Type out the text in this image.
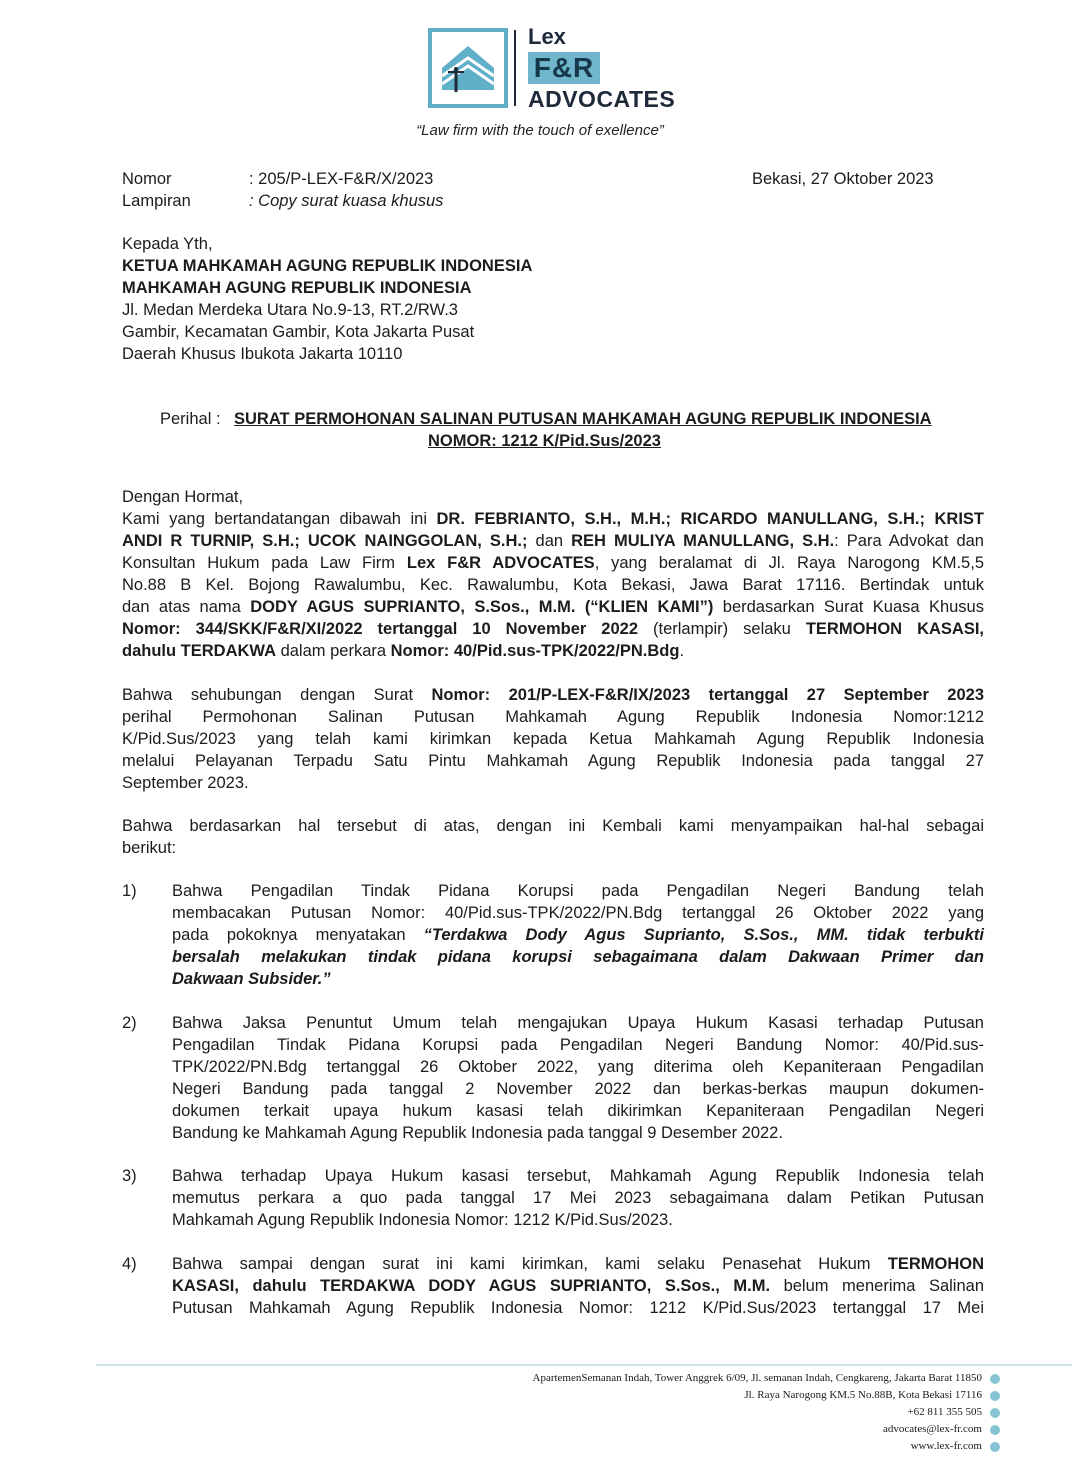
Lex
F&R
ADVOCATES
“Law firm with the touch of exellence”
Nomor	: 205/P-LEX-F&R/X/2023
Lampiran	: Copy surat kuasa khusus
Bekasi, 27 Oktober 2023
Kepada Yth,
KETUA MAHKAMAH AGUNG REPUBLIK INDONESIA
MAHKAMAH AGUNG REPUBLIK INDONESIA
Jl. Medan Merdeka Utara No.9-13, RT.2/RW.3
Gambir, Kecamatan Gambir, Kota Jakarta Pusat
Daerah Khusus Ibukota Jakarta 10110
Perihal : SURAT PERMOHONAN SALINAN PUTUSAN MAHKAMAH AGUNG REPUBLIK INDONESIA
NOMOR: 1212 K/Pid.Sus/2023
Dengan Hormat,
Kami yang bertandatangan dibawah ini DR. FEBRIANTO, S.H., M.H.; RICARDO MANULLANG, S.H.; KRIST
ANDI R TURNIP, S.H.; UCOK NAINGGOLAN, S.H.; dan REH MULIYA MANULLANG, S.H.: Para Advokat dan
Konsultan Hukum pada Law Firm Lex F&R ADVOCATES, yang beralamat di Jl. Raya Narogong KM.5,5
No.88 B Kel. Bojong Rawalumbu, Kec. Rawalumbu, Kota Bekasi, Jawa Barat 17116. Bertindak untuk
dan atas nama DODY AGUS SUPRIANTO, S.Sos., M.M. (“KLIEN KAMI”) berdasarkan Surat Kuasa Khusus
Nomor: 344/SKK/F&R/XI/2022 tertanggal 10 November 2022 (terlampir) selaku TERMOHON KASASI,
dahulu TERDAKWA dalam perkara Nomor: 40/Pid.sus-TPK/2022/PN.Bdg.
Bahwa sehubungan dengan Surat Nomor: 201/P-LEX-F&R/IX/2023 tertanggal 27 September 2023
perihal Permohonan Salinan Putusan Mahkamah Agung Republik Indonesia Nomor:1212
K/Pid.Sus/2023 yang telah kami kirimkan kepada Ketua Mahkamah Agung Republik Indonesia
melalui Pelayanan Terpadu Satu Pintu Mahkamah Agung Republik Indonesia pada tanggal 27
September 2023.
Bahwa berdasarkan hal tersebut di atas, dengan ini Kembali kami menyampaikan hal-hal sebagai
berikut:
1) Bahwa Pengadilan Tindak Pidana Korupsi pada Pengadilan Negeri Bandung telah
membacakan Putusan Nomor: 40/Pid.sus-TPK/2022/PN.Bdg tertanggal 26 Oktober 2022 yang
pada pokoknya menyatakan “Terdakwa Dody Agus Suprianto, S.Sos., MM. tidak terbukti
bersalah melakukan tindak pidana korupsi sebagaimana dalam Dakwaan Primer dan
Dakwaan Subsider.”
2) Bahwa Jaksa Penuntut Umum telah mengajukan Upaya Hukum Kasasi terhadap Putusan
Pengadilan Tindak Pidana Korupsi pada Pengadilan Negeri Bandung Nomor: 40/Pid.sus-
TPK/2022/PN.Bdg tertanggal 26 Oktober 2022, yang diterima oleh Kepaniteraan Pengadilan
Negeri Bandung pada tanggal 2 November 2022 dan berkas-berkas maupun dokumen-
dokumen terkait upaya hukum kasasi telah dikirimkan Kepaniteraan Pengadilan Negeri
Bandung ke Mahkamah Agung Republik Indonesia pada tanggal 9 Desember 2022.
3) Bahwa terhadap Upaya Hukum kasasi tersebut, Mahkamah Agung Republik Indonesia telah
memutus perkara a quo pada tanggal 17 Mei 2023 sebagaimana dalam Petikan Putusan
Mahkamah Agung Republik Indonesia Nomor: 1212 K/Pid.Sus/2023.
4) Bahwa sampai dengan surat ini kami kirimkan, kami selaku Penasehat Hukum TERMOHON
KASASI, dahulu TERDAKWA DODY AGUS SUPRIANTO, S.Sos., M.M. belum menerima Salinan
Putusan Mahkamah Agung Republik Indonesia Nomor: 1212 K/Pid.Sus/2023 tertanggal 17 Mei
ApartemenSemanan Indah, Tower Anggrek 6/09, Jl. semanan Indah, Cengkareng, Jakarta Barat 11850
Jl. Raya Narogong KM.5 No.88B, Kota Bekasi 17116
+62 811 355 505
advocates@lex-fr.com
www.lex-fr.com
